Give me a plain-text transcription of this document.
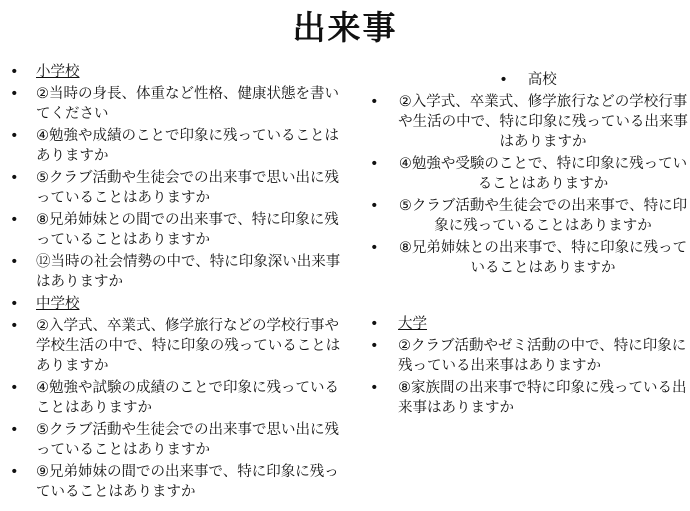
出来事
• 小学校
• ②当時の身長、体重など性格、健康状態を書いてください
• ④勉強や成績のことで印象に残っていることはありますか
• ⑤クラブ活動や生徒会での出来事で思い出に残っていることはありますか
• ⑧兄弟姉妹との間での出来事で、特に印象に残っていることはありますか
• ⑫当時の社会情勢の中で、特に印象深い出来事はありますか
• 中学校
• ②入学式、卒業式、修学旅行などの学校行事や学校生活の中で、特に印象の残っていることはありますか
• ④勉強や試験の成績のことで印象に残っていることはありますか
• ⑤クラブ活動や生徒会での出来事で思い出に残っていることはありますか
• ⑨兄弟姉妹の間での出来事で、特に印象に残っていることはありますか
• 高校
• ②入学式、卒業式、修学旅行などの学校行事や生活の中で、特に印象に残っている出来事はありますか
• ④勉強や受験のことで、特に印象に残っていることはありますか
• ⑤クラブ活動や生徒会での出来事で、特に印象に残っていることはありますか
• ⑧兄弟姉妹との出来事で、特に印象に残っていることはありますか
• 大学
• ②クラブ活動やゼミ活動の中で、特に印象に残っている出来事はありますか
• ⑧家族間の出来事で特に印象に残っている出来事はありますか
